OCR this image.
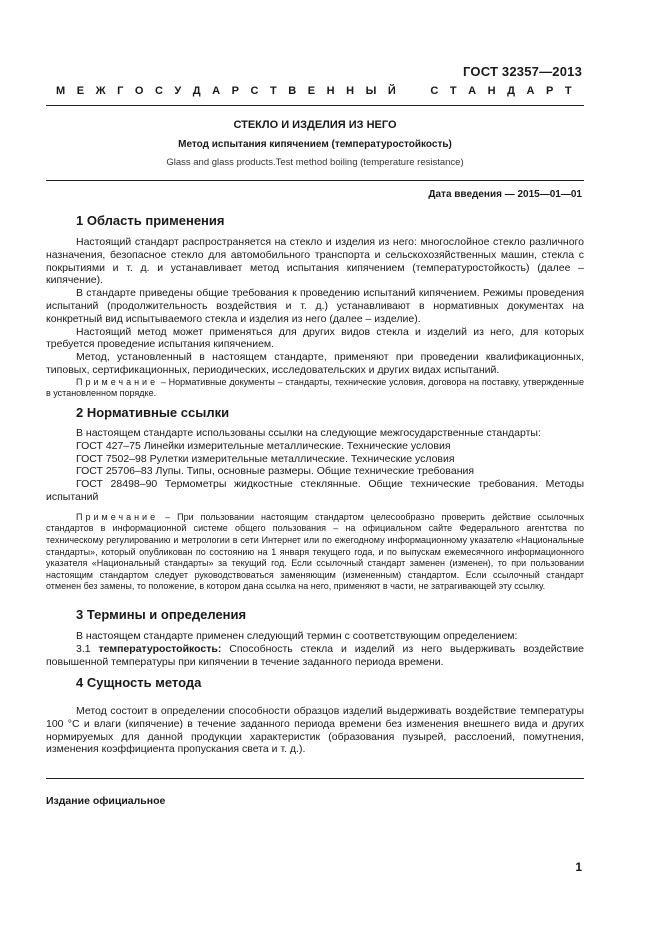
ГОСТ 32357—2013
М Е Ж Г О С У Д А Р С Т В Е Н Н Ы Й	С Т А Н Д А Р Т
СТЕКЛО И ИЗДЕЛИЯ ИЗ НЕГО
Метод испытания кипячением (температуростойкость)
Glass and glass products.Test method boiling (temperature resistance)
Дата введения — 2015—01—01
1 Область применения

Настоящий стандарт распространяется на стекло и изделия из него: многослойное стекло различного назначения, безопасное стекло для автомобильного транспорта и сельскохозяйственных машин, стекла с покрытиями и т. д. и устанавливает метод испытания кипячением (температуростойкость) (далее – кипячение).

В стандарте приведены общие требования к проведению испытаний кипячением. Режимы проведения испытаний (продолжительность воздействия и т. д.) устанавливают в нормативных документах на конкретный вид испытываемого стекла и изделия из него (далее – изделие).

Настоящий метод может применяться для других видов стекла и изделий из него, для которых требуется проведение испытания кипячением.

Метод, установленный в настоящем стандарте, применяют при проведении квалификационных, типовых, сертификационных, периодических, исследовательских и других видах испытаний.

Примечание – Нормативные документы – стандарты, технические условия, договора на поставку, утвержденные в установленном порядке.

2 Нормативные ссылки

В настоящем стандарте использованы ссылки на следующие межгосударственные стандарты:

ГОСТ 427–75 Линейки измерительные металлические. Технические условия

ГОСТ 7502–98 Рулетки измерительные металлические. Технические условия

ГОСТ 25706–83 Лупы. Типы, основные размеры. Общие технические требования

ГОСТ 28498–90 Термометры жидкостные стеклянные. Общие технические требования. Методы испытаний

Примечание – При пользовании настоящим стандартом целесообразно проверить действие ссылочных стандартов в информационной системе общего пользования – на официальном сайте Федерального агентства по техническому регулированию и метрологии в сети Интернет или по ежегодному информационному указателю «Национальные стандарты», который опубликован по состоянию на 1 января текущего года, и по выпускам ежемесячного информационного указателя «Национальный стандарты» за текущий год. Если ссылочный стандарт заменен (изменен), то при пользовании настоящим стандартом следует руководствоваться заменяющим (измененным) стандартом. Если ссылочный стандарт отменен без замены, то положение, в котором дана ссылка на него, применяют в части, не затрагивающей эту ссылку.

3 Термины и определения

В настоящем стандарте применен следующий термин с соответствующим определением:

3.1 температуростойкость: Способность стекла и изделий из него выдерживать воздействие повышенной температуры при кипячении в течение заданного периода времени.

4 Сущность метода

Метод состоит в определении способности образцов изделий выдерживать воздействие температуры 100 °С и влаги (кипячение) в течение заданного периода времени без изменения внешнего вида и других нормируемых для данной продукции характеристик (образования пузырей, расслоений, помутнения, изменения коэффициента пропускания света и т. д.).

Издание официальное
1
